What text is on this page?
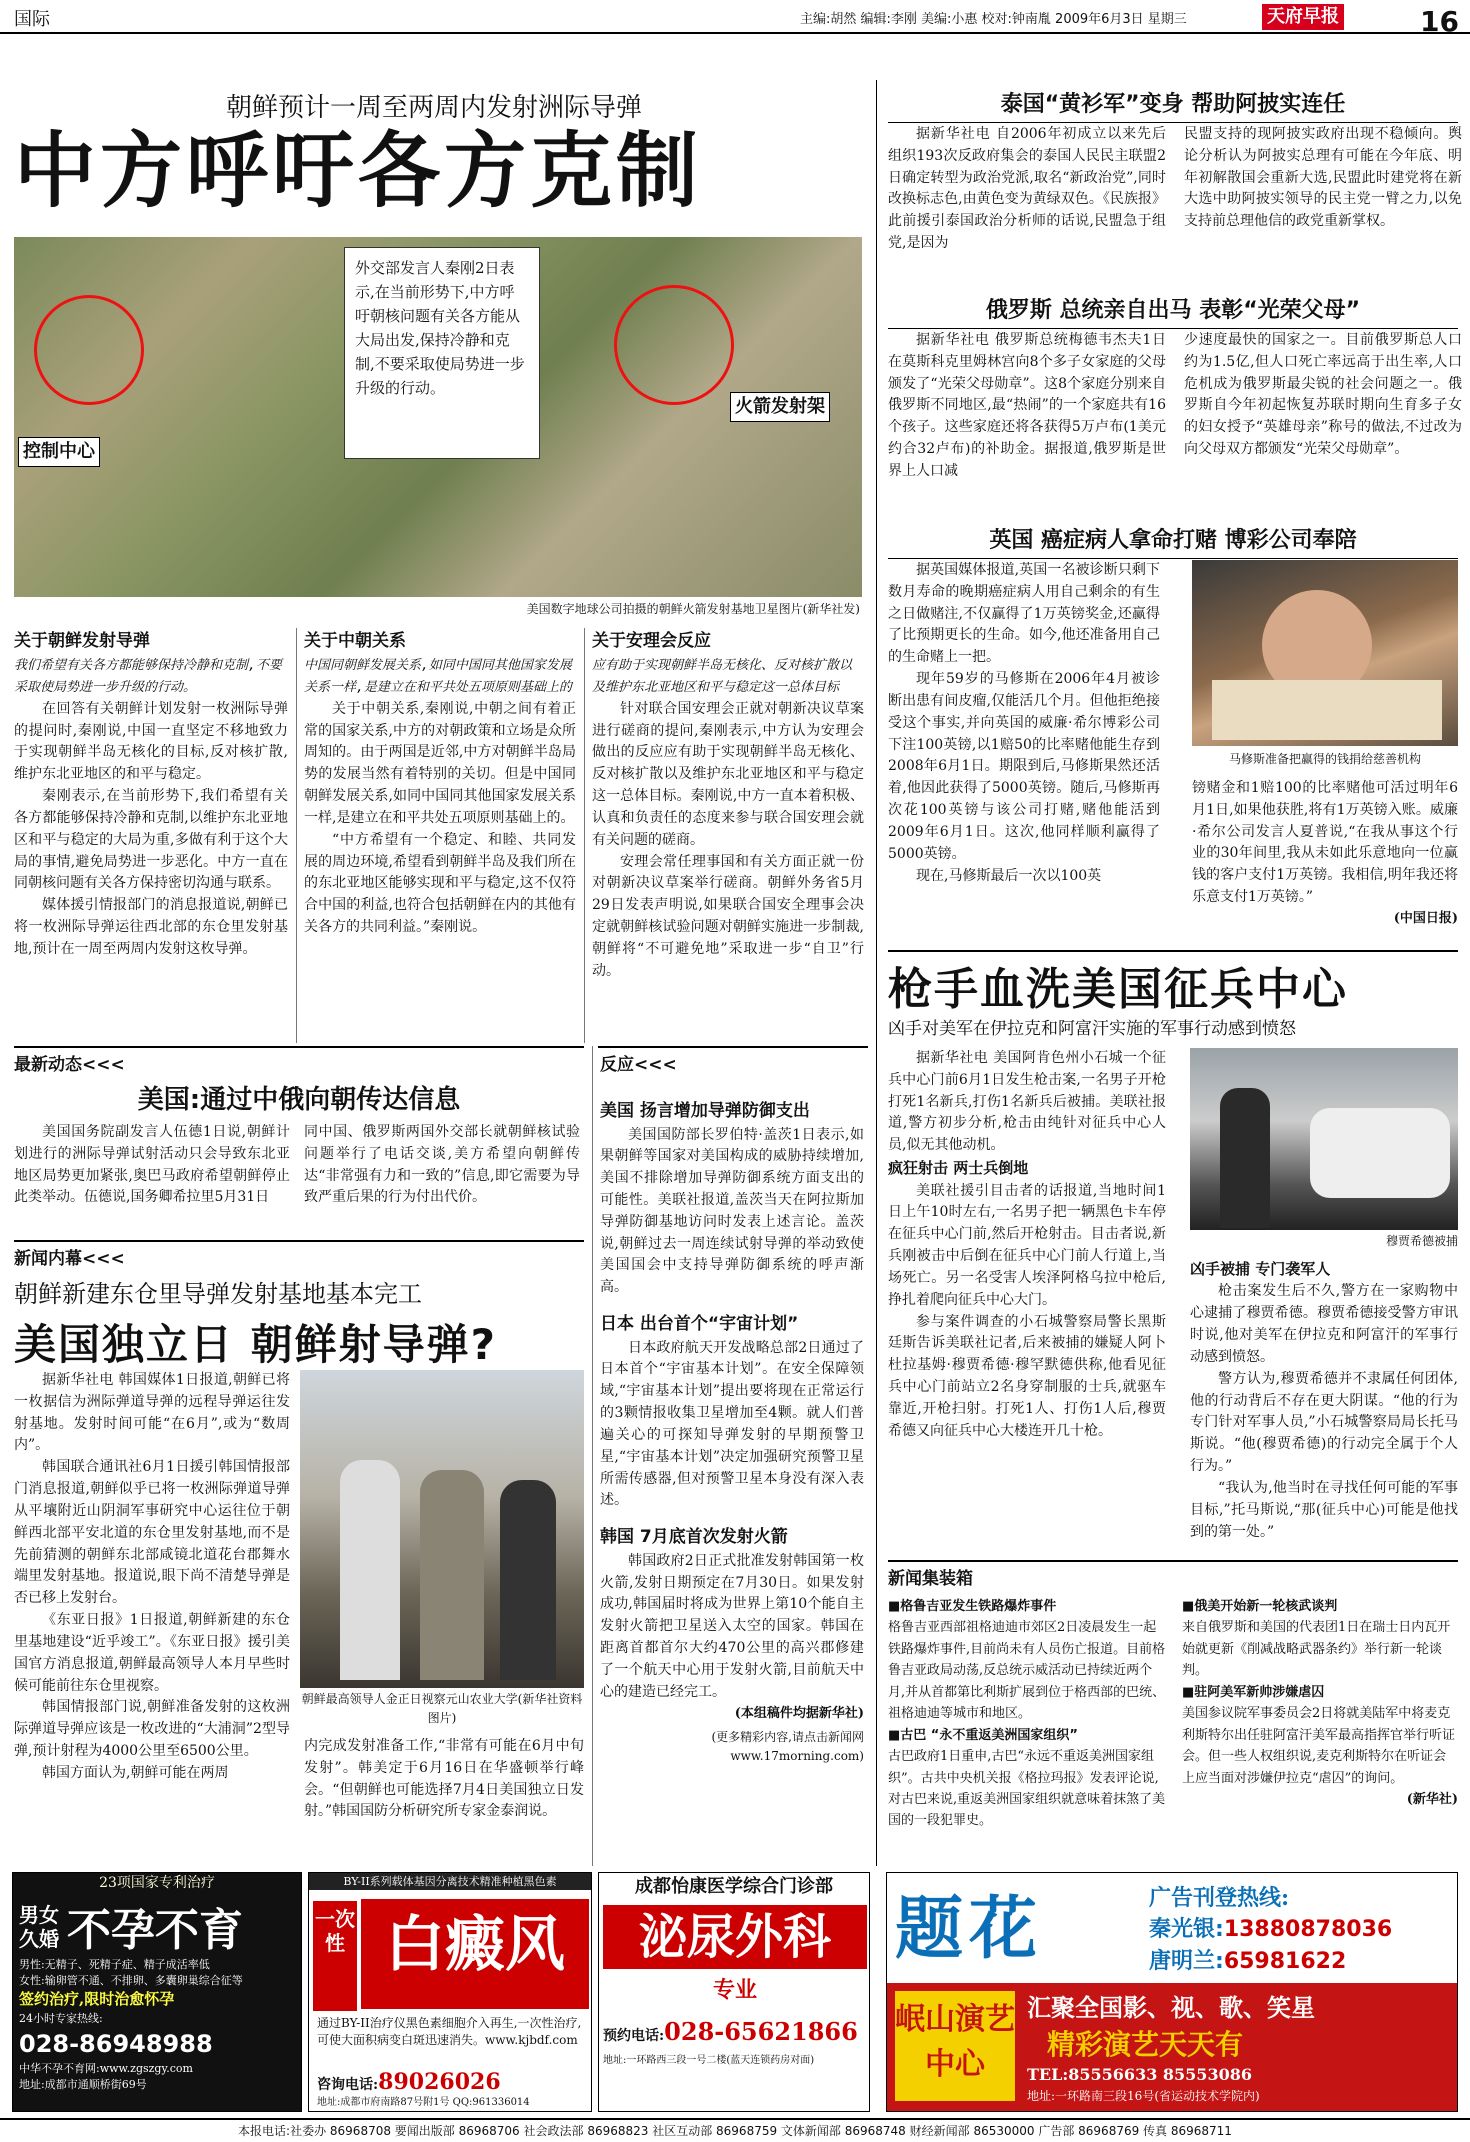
国际	主编:胡然 编辑:李刚 美编:小惠 校对:钟南胤 2009年6月3日 星期三	天府早报	16
朝鲜预计一周至两周内发射洲际导弹
中方呼吁各方克制
控制中心
火箭发射架
外交部发言人秦刚2日表示,在当前形势下,中方呼吁朝核问题有关各方能从大局出发,保持冷静和克制,不要采取使局势进一步升级的行动。
美国数字地球公司拍摄的朝鲜火箭发射基地卫星图片(新华社发)
关于朝鲜发射导弹
我们希望有关各方都能够保持冷静和克制,不要采取使局势进一步升级的行动。

在回答有关朝鲜计划发射一枚洲际导弹的提问时,秦刚说,中国一直坚定不移地致力于实现朝鲜半岛无核化的目标,反对核扩散,维护东北亚地区的和平与稳定。

秦刚表示,在当前形势下,我们希望有关各方都能够保持冷静和克制,以维护东北亚地区和平与稳定的大局为重,多做有利于这个大局的事情,避免局势进一步恶化。中方一直在同朝核问题有关各方保持密切沟通与联系。

媒体援引情报部门的消息报道说,朝鲜已将一枚洲际导弹运往西北部的东仓里发射基地,预计在一周至两周内发射这枚导弹。

关于中朝关系
中国同朝鲜发展关系,如同中国同其他国家发展关系一样,是建立在和平共处五项原则基础上的

关于中朝关系,秦刚说,中朝之间有着正常的国家关系,中方的对朝政策和立场是众所周知的。由于两国是近邻,中方对朝鲜半岛局势的发展当然有着特别的关切。但是中国同朝鲜发展关系,如同中国同其他国家发展关系一样,是建立在和平共处五项原则基础上的。

“中方希望有一个稳定、和睦、共同发展的周边环境,希望看到朝鲜半岛及我们所在的东北亚地区能够实现和平与稳定,这不仅符合中国的利益,也符合包括朝鲜在内的其他有关各方的共同利益。”秦刚说。

关于安理会反应
应有助于实现朝鲜半岛无核化、反对核扩散以及维护东北亚地区和平与稳定这一总体目标

针对联合国安理会正就对朝新决议草案进行磋商的提问,秦刚表示,中方认为安理会做出的反应应有助于实现朝鲜半岛无核化、反对核扩散以及维护东北亚地区和平与稳定这一总体目标。秦刚说,中方一直本着积极、认真和负责任的态度来参与联合国安理会就有关问题的磋商。

安理会常任理事国和有关方面正就一份对朝新决议草案举行磋商。朝鲜外务省5月29日发表声明说,如果联合国安全理事会决定就朝鲜核试验问题对朝鲜实施进一步制裁,朝鲜将“不可避免地”采取进一步“自卫”行动。

最新动态<<<
美国:通过中俄向朝传达信息

美国国务院副发言人伍德1日说,朝鲜计划进行的洲际导弹试射活动只会导致东北亚地区局势更加紧张,奥巴马政府希望朝鲜停止此类举动。伍德说,国务卿希拉里5月31日

同中国、俄罗斯两国外交部长就朝鲜核试验问题举行了电话交谈,美方希望向朝鲜传达“非常强有力和一致的”信息,即它需要为导致严重后果的行为付出代价。

新闻内幕<<<
朝鲜新建东仓里导弹发射基地基本完工
美国独立日 朝鲜射导弹?

据新华社电 韩国媒体1日报道,朝鲜已将一枚据信为洲际弹道导弹的远程导弹运往发射基地。发射时间可能“在6月”,或为“数周内”。

韩国联合通讯社6月1日援引韩国情报部门消息报道,朝鲜似乎已将一枚洲际弹道导弹从平壤附近山阴洞军事研究中心运往位于朝鲜西北部平安北道的东仓里发射基地,而不是先前猜测的朝鲜东北部咸镜北道花台郡舞水端里发射基地。报道说,眼下尚不清楚导弹是否已移上发射台。

《东亚日报》1日报道,朝鲜新建的东仓里基地建设“近乎竣工”。《东亚日报》援引美国官方消息报道,朝鲜最高领导人本月早些时候可能前往东仓里视察。

韩国情报部门说,朝鲜准备发射的这枚洲际弹道导弹应该是一枚改进的“大浦洞”2型导弹,预计射程为4000公里至6500公里。

韩国方面认为,朝鲜可能在两周

朝鲜最高领导人金正日视察元山农业大学(新华社资料图片)

内完成发射准备工作,“非常有可能在6月中旬发射”。韩美定于6月16日在华盛顿举行峰会。“但朝鲜也可能选择7月4日美国独立日发射。”韩国国防分析研究所专家金泰润说。

反应<<<
美国 扬言增加导弹防御支出

美国国防部长罗伯特·盖茨1日表示,如果朝鲜等国家对美国构成的威胁持续增加,美国不排除增加导弹防御系统方面支出的可能性。美联社报道,盖茨当天在阿拉斯加导弹防御基地访问时发表上述言论。盖茨说,朝鲜过去一周连续试射导弹的举动致使美国国会中支持导弹防御系统的呼声渐高。

日本 出台首个“宇宙计划”

日本政府航天开发战略总部2日通过了日本首个“宇宙基本计划”。在安全保障领域,“宇宙基本计划”提出要将现在正常运行的3颗情报收集卫星增加至4颗。就人们普遍关心的可探知导弹发射的早期预警卫星,“宇宙基本计划”决定加强研究预警卫星所需传感器,但对预警卫星本身没有深入表述。

韩国 7月底首次发射火箭

韩国政府2日正式批准发射韩国第一枚火箭,发射日期预定在7月30日。如果发射成功,韩国届时将成为世界上第10个能自主发射火箭把卫星送入太空的国家。韩国在距离首都首尔大约470公里的高兴郡修建了一个航天中心用于发射火箭,目前航天中心的建造已经完工。

(本组稿件均据新华社)
(更多精彩内容,请点击新闻网www.17morning.com)
泰国“黄衫军”变身 帮助阿披实连任

据新华社电 自2006年初成立以来先后组织193次反政府集会的泰国人民民主联盟2日确定转型为政治党派,取名“新政治党”,同时改换标志色,由黄色变为黄绿双色。《民族报》此前援引泰国政治分析师的话说,民盟急于组党,是因为

民盟支持的现阿披实政府出现不稳倾向。舆论分析认为阿披实总理有可能在今年底、明年初解散国会重新大选,民盟此时建党将在新大选中助阿披实领导的民主党一臂之力,以免支持前总理他信的政党重新掌权。

俄罗斯 总统亲自出马 表彰“光荣父母”

据新华社电 俄罗斯总统梅德韦杰夫1日在莫斯科克里姆林宫向8个多子女家庭的父母颁发了“光荣父母勋章”。这8个家庭分别来自俄罗斯不同地区,最“热闹”的一个家庭共有16个孩子。这些家庭还将各获得5万卢布(1美元约合32卢布)的补助金。据报道,俄罗斯是世界上人口减

少速度最快的国家之一。目前俄罗斯总人口约为1.5亿,但人口死亡率远高于出生率,人口危机成为俄罗斯最尖锐的社会问题之一。俄罗斯自今年初起恢复苏联时期向生育多子女的妇女授予“英雄母亲”称号的做法,不过改为向父母双方都颁发“光荣父母勋章”。

英国 癌症病人拿命打赌 博彩公司奉陪

据英国媒体报道,英国一名被诊断只剩下数月寿命的晚期癌症病人用自己剩余的有生之日做赌注,不仅赢得了1万英镑奖金,还赢得了比预期更长的生命。如今,他还准备用自己的生命赌上一把。

现年59岁的马修斯在2006年4月被诊断出患有间皮瘤,仅能活几个月。但他拒绝接受这个事实,并向英国的威廉·希尔博彩公司下注100英镑,以1赔50的比率赌他能生存到2008年6月1日。期限到后,马修斯果然还活着,他因此获得了5000英镑。随后,马修斯再次花100英镑与该公司打赌,赌他能活到2009年6月1日。这次,他同样顺利赢得了5000英镑。

现在,马修斯最后一次以100英

马修斯准备把赢得的钱捐给慈善机构

镑赌金和1赔100的比率赌他可活过明年6月1日,如果他获胜,将有1万英镑入账。威廉·希尔公司发言人夏普说,“在我从事这个行业的30年间里,我从未如此乐意地向一位赢钱的客户支付1万英镑。我相信,明年我还将乐意支付1万英镑。”

(中国日报)
枪手血洗美国征兵中心
凶手对美军在伊拉克和阿富汗实施的军事行动感到愤怒

据新华社电 美国阿肯色州小石城一个征兵中心门前6月1日发生枪击案,一名男子开枪打死1名新兵,打伤1名新兵后被捕。美联社报道,警方初步分析,枪击由纯针对征兵中心人员,似无其他动机。

疯狂射击 两士兵倒地

美联社援引目击者的话报道,当地时间1日上午10时左右,一名男子把一辆黑色卡车停在征兵中心门前,然后开枪射击。目击者说,新兵刚被击中后倒在征兵中心门前人行道上,当场死亡。另一名受害人埃泽阿格乌拉中枪后,挣扎着爬向征兵中心大门。

参与案件调查的小石城警察局警长黑斯廷斯告诉美联社记者,后来被捕的嫌疑人阿卜杜拉基姆·穆贾希德·穆罕默德供称,他看见征兵中心门前站立2名身穿制服的士兵,就驱车靠近,开枪扫射。打死1人、打伤1人后,穆贾希德又向征兵中心大楼连开几十枪。

穆贾希德被捕
凶手被捕 专门袭军人

枪击案发生后不久,警方在一家购物中心逮捕了穆贾希德。穆贾希德接受警方审讯时说,他对美军在伊拉克和阿富汗的军事行动感到愤怒。

警方认为,穆贾希德并不隶属任何团体,他的行动背后不存在更大阴谋。“他的行为专门针对军事人员,”小石城警察局局长托马斯说。“他(穆贾希德)的行动完全属于个人行为。”

“我认为,他当时在寻找任何可能的军事目标,”托马斯说,“那(征兵中心)可能是他找到的第一处。”

新闻集装箱
■格鲁吉亚发生铁路爆炸事件
格鲁吉亚西部祖格迪迪市郊区2日凌晨发生一起铁路爆炸事件,目前尚未有人员伤亡报道。目前格鲁吉亚政局动荡,反总统示威活动已持续近两个月,并从首都第比利斯扩展到位于格西部的巴统、祖格迪迪等城市和地区。
■古巴 “永不重返美洲国家组织”
古巴政府1日重申,古巴“永远不重返美洲国家组织”。古共中央机关报《格拉玛报》发表评论说,对古巴来说,重返美洲国家组织就意味着抹煞了美国的一段犯罪史。
■俄美开始新一轮核武谈判
来自俄罗斯和美国的代表团1日在瑞士日内瓦开始就更新《削减战略武器条约》举行新一轮谈判。
■驻阿美军新帅涉嫌虐囚
美国参议院军事委员会2日将就美陆军中将麦克利斯特尔出任驻阿富汗美军最高指挥官举行听证会。但一些人权组织说,麦克利斯特尔在听证会上应当面对涉嫌伊拉克“虐囚”的询问。
(新华社)
23项国家专利治疗
男女久婚 不孕不育
男性:无精子、死精子症、精子成活率低
女性:输卵管不通、不排卵、多囊卵巢综合征等
签约治疗,限时治愈怀孕
24小时专家热线:
028-86948988
中华不孕不育网:www.zgszgy.com
地址:成都市通顺桥街69号
BY-II系列载体基因分离技术精准种植黑色素
一次性 白癜风
通过BY-II治疗仪黑色素细胞介入再生,一次性治疗,可使大面积病变白斑迅速消失。www.kjbdf.com
咨询电话:89026026
地址:成都市府南路87号附1号 QQ:961336014
成都怡康医学综合门诊部
泌尿外科
专业
预约电话:028-65621866
地址:一环路西三段一号二楼(蓝天连锁药房对面)
题花	广告刊登热线:
秦光银:13880878036
唐明兰:65981622
岷山演艺中心
汇聚全国影、视、歌、笑星
精彩演艺天天有
TEL:85556633 85553086
地址:一环路南三段16号(省运动技术学院内)
本报电话:社委办 86968708 要闻出版部 86968706 社会政法部 86968823 社区互动部 86968759 文体新闻部 86968748 财经新闻部 86530000 广告部 86968769 传真 86968711
